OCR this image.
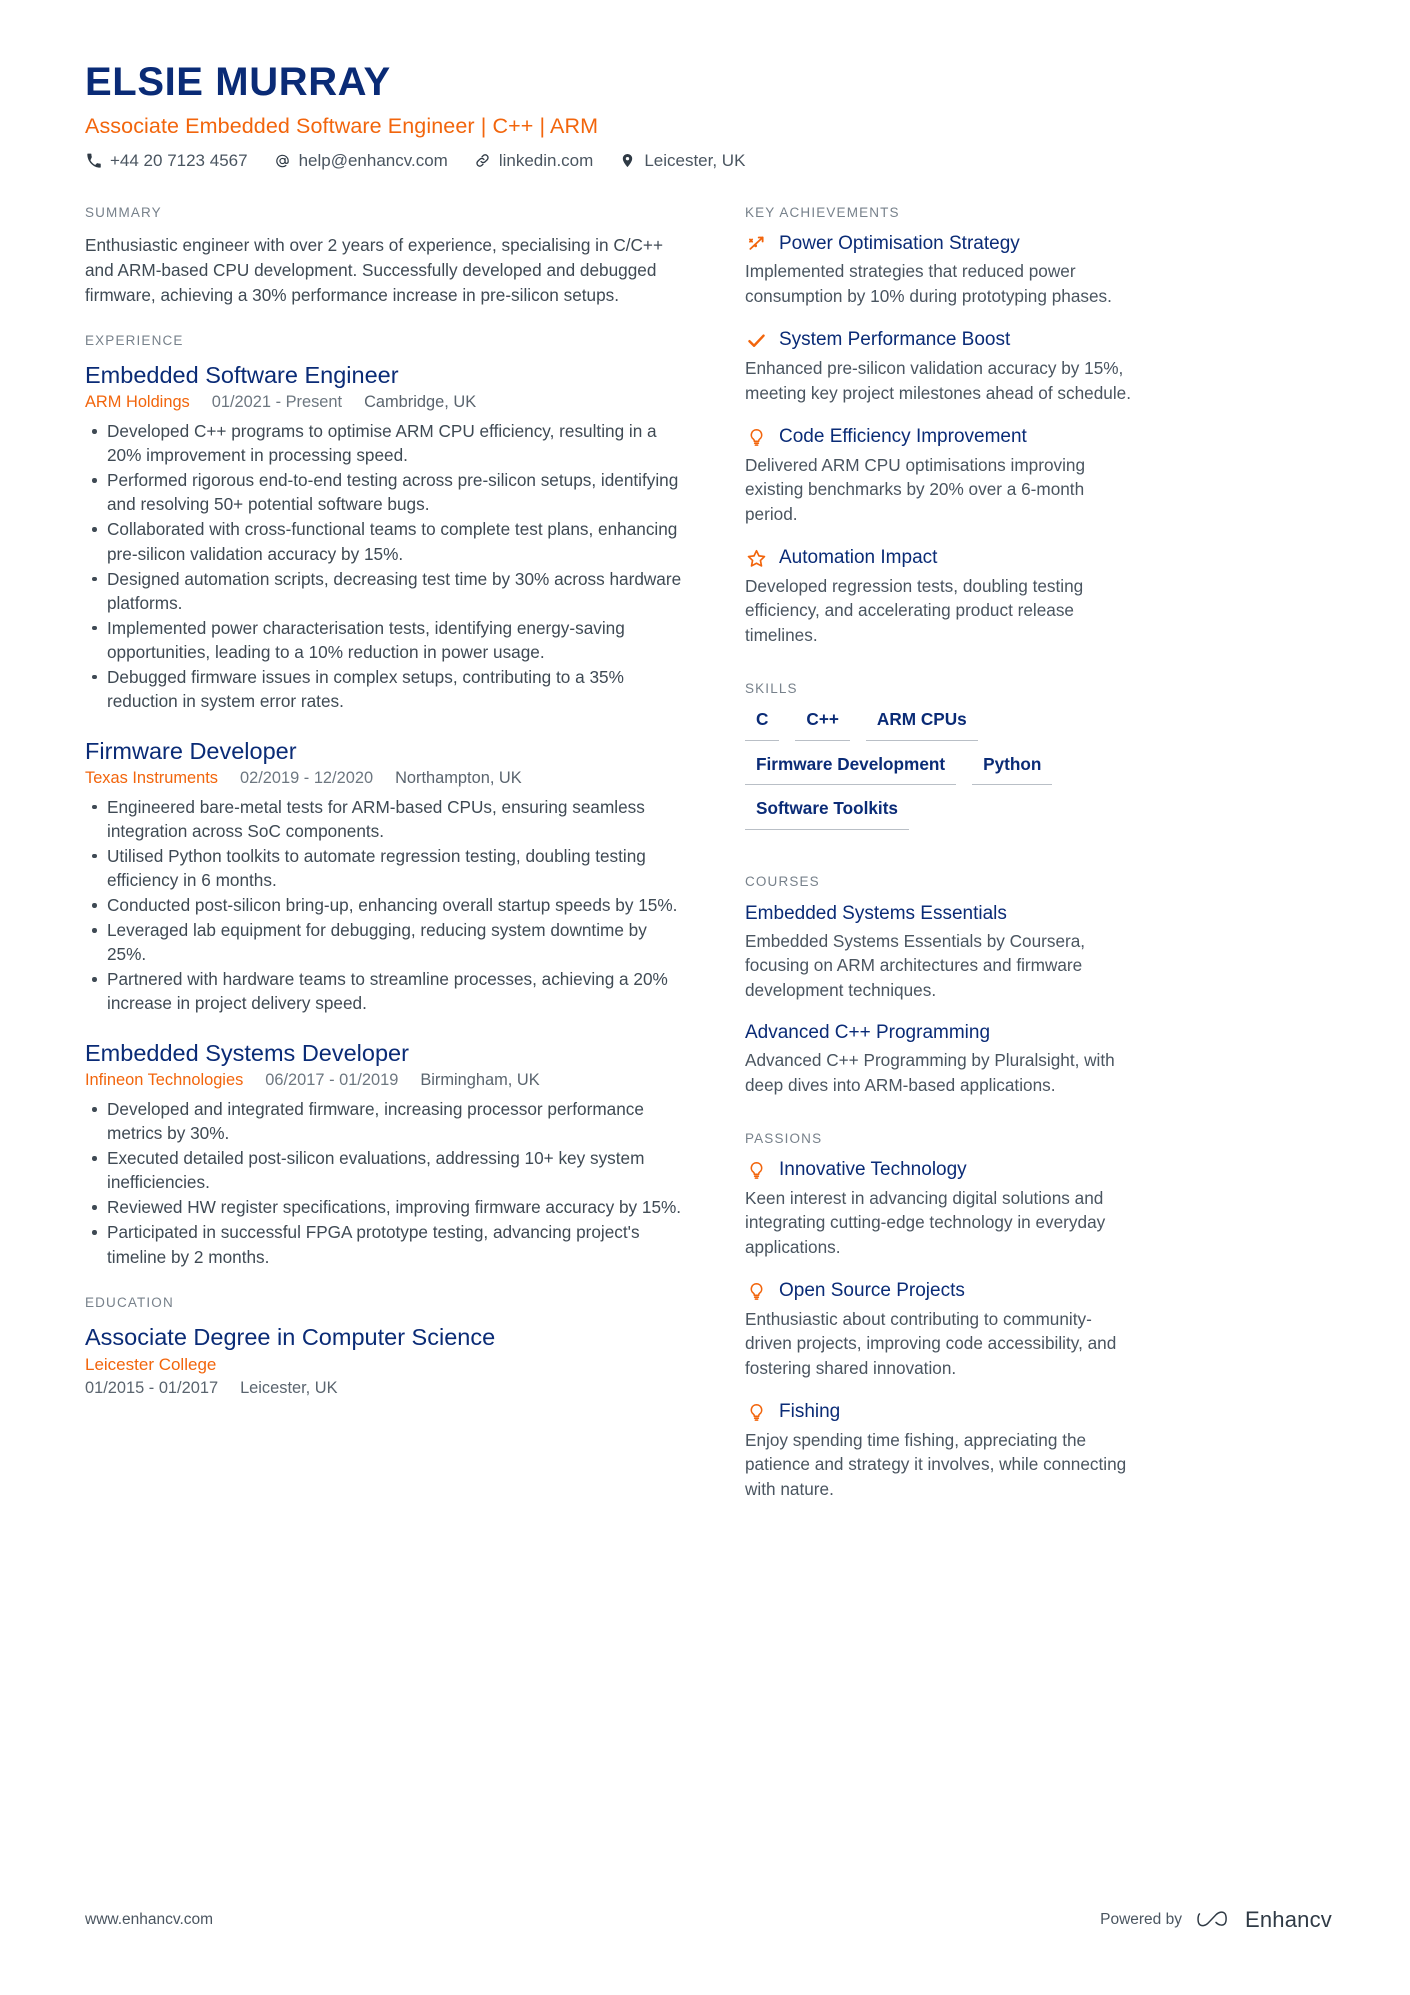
ELSIE MURRAY
Associate Embedded Software Engineer | C++ | ARM
+44 20 7123 4567	help@enhancv.com	linkedin.com	Leicester, UK
SUMMARY
Enthusiastic engineer with over 2 years of experience, specialising in C/C++ and ARM-based CPU development. Successfully developed and debugged firmware, achieving a 30% performance increase in pre-silicon setups.
EXPERIENCE
Embedded Software Engineer
ARM Holdings 01/2021 - Present Cambridge, UK
Developed C++ programs to optimise ARM CPU efficiency, resulting in a 20% improvement in processing speed.
Performed rigorous end-to-end testing across pre-silicon setups, identifying and resolving 50+ potential software bugs.
Collaborated with cross-functional teams to complete test plans, enhancing pre-silicon validation accuracy by 15%.
Designed automation scripts, decreasing test time by 30% across hardware platforms.
Implemented power characterisation tests, identifying energy-saving opportunities, leading to a 10% reduction in power usage.
Debugged firmware issues in complex setups, contributing to a 35% reduction in system error rates.
Firmware Developer
Texas Instruments 02/2019 - 12/2020 Northampton, UK
Engineered bare-metal tests for ARM-based CPUs, ensuring seamless integration across SoC components.
Utilised Python toolkits to automate regression testing, doubling testing efficiency in 6 months.
Conducted post-silicon bring-up, enhancing overall startup speeds by 15%.
Leveraged lab equipment for debugging, reducing system downtime by 25%.
Partnered with hardware teams to streamline processes, achieving a 20% increase in project delivery speed.
Embedded Systems Developer
Infineon Technologies 06/2017 - 01/2019 Birmingham, UK
Developed and integrated firmware, increasing processor performance metrics by 30%.
Executed detailed post-silicon evaluations, addressing 10+ key system inefficiencies.
Reviewed HW register specifications, improving firmware accuracy by 15%.
Participated in successful FPGA prototype testing, advancing project's timeline by 2 months.
EDUCATION
Associate Degree in Computer Science
Leicester College
01/2015 - 01/2017 Leicester, UK
KEY ACHIEVEMENTS
Power Optimisation Strategy
Implemented strategies that reduced power consumption by 10% during prototyping phases.
System Performance Boost
Enhanced pre-silicon validation accuracy by 15%, meeting key project milestones ahead of schedule.
Code Efficiency Improvement
Delivered ARM CPU optimisations improving existing benchmarks by 20% over a 6-month period.
Automation Impact
Developed regression tests, doubling testing efficiency, and accelerating product release timelines.
SKILLS
C	C++	ARM CPUs
Firmware Development	Python
Software Toolkits
COURSES
Embedded Systems Essentials
Embedded Systems Essentials by Coursera, focusing on ARM architectures and firmware development techniques.
Advanced C++ Programming
Advanced C++ Programming by Pluralsight, with deep dives into ARM-based applications.
PASSIONS
Innovative Technology
Keen interest in advancing digital solutions and integrating cutting-edge technology in everyday applications.
Open Source Projects
Enthusiastic about contributing to community-driven projects, improving code accessibility, and fostering shared innovation.
Fishing
Enjoy spending time fishing, appreciating the patience and strategy it involves, while connecting with nature.
www.enhancv.com	Powered by	Enhancv
